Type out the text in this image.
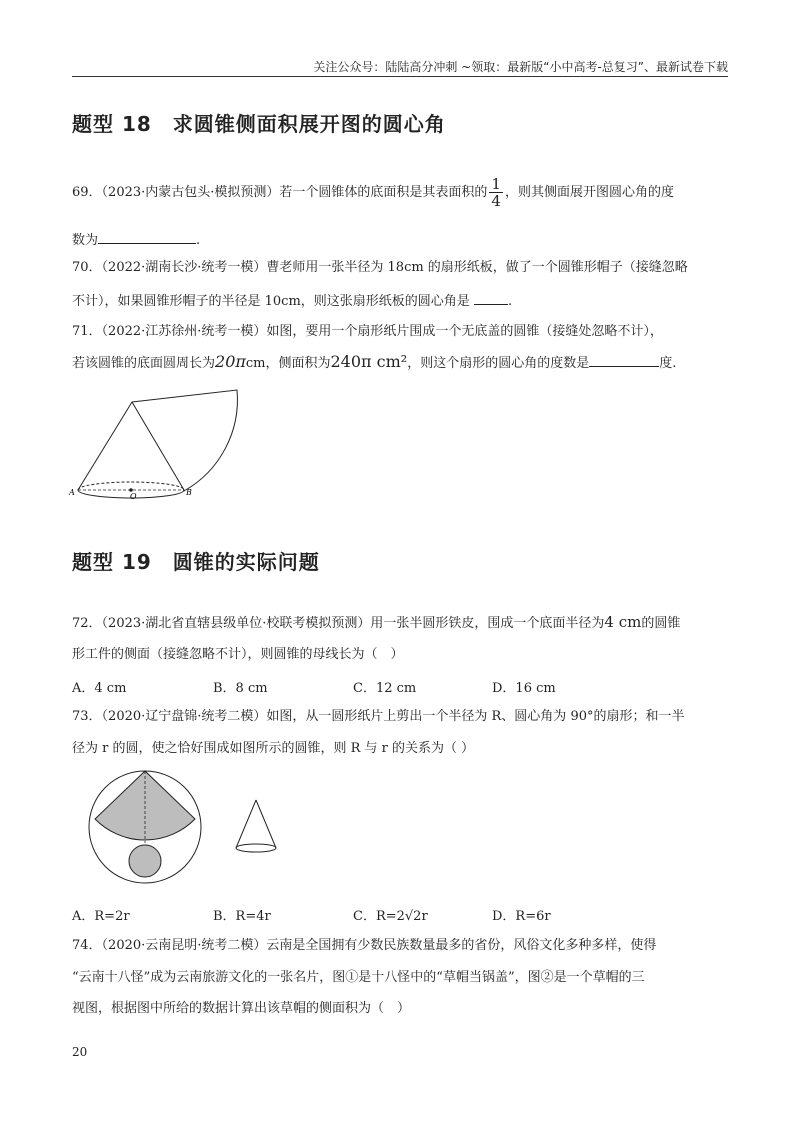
关注公众号：陆陆高分冲刺 ~领取：最新版“小中高考-总复习”、最新试卷下载
题型 18　求圆锥侧面积展开图的圆心角
69．（2023·内蒙古包头·模拟预测）若一个圆锥体的底面积是其表面积的 $\frac{1}{4}$ ，则其侧面展开图圆心角的度
数为	.
70．（2022·湖南长沙·统考一模）曹老师用一张半径为 18cm 的扇形纸板，做了一个圆锥形帽子（接缝忽略
不计），如果圆锥形帽子的半径是 10cm，则这张扇形纸板的圆心角是	.
71．（2022·江苏徐州·统考一模）如图，要用一个扇形纸片围成一个无底盖的圆锥（接缝处忽略不计），
若该圆锥的底面圆周长为20πcm，侧面积为240π cm²，则这个扇形的圆心角的度数是	度.
A	O	B
题型 19　圆锥的实际问题
72．（2023·湖北省直辖县级单位·校联考模拟预测）用一张半圆形铁皮，围成一个底面半径为4 cm的圆锥
形工件的侧面（接缝忽略不计），则圆锥的母线长为（　）
A．4 cm	B．8 cm	C．12 cm	D．16 cm
73．（2020·辽宁盘锦·统考二模）如图，从一圆形纸片上剪出一个半径为 R、圆心角为 90°的扇形；和一半
径为 r 的圆，使之恰好围成如图所示的圆锥，则 R 与 r 的关系为（ ）
A．R=2r	B．R=4r	C．R=2√2r	D．R=6r
74．（2020·云南昆明·统考二模）云南是全国拥有少数民族数量最多的省份，风俗文化多种多样，使得
“云南十八怪”成为云南旅游文化的一张名片，图①是十八怪中的“草帽当锅盖”，图②是一个草帽的三
视图，根据图中所给的数据计算出该草帽的侧面积为（　）
20
